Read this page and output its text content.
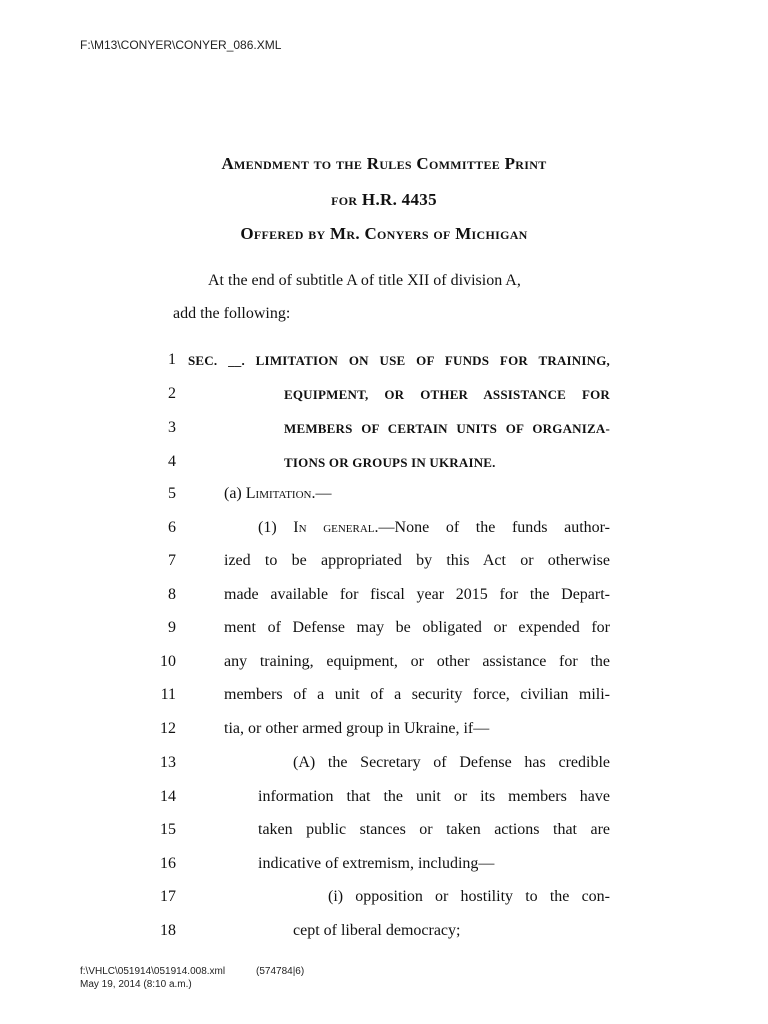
F:\M13\CONYER\CONYER_086.XML
Amendment to the Rules Committee Print
for H.R. 4435
Offered by Mr. Conyers of Michigan
At the end of subtitle A of title XII of division A,
add the following:
1 SEC. __. LIMITATION ON USE OF FUNDS FOR TRAINING,
2	EQUIPMENT, OR OTHER ASSISTANCE FOR
3	MEMBERS OF CERTAIN UNITS OF ORGANIZA-
4	TIONS OR GROUPS IN UKRAINE.
5	(a) Limitation.—
6	(1) In general.—None of the funds author-
7	ized to be appropriated by this Act or otherwise
8	made available for fiscal year 2015 for the Depart-
9	ment of Defense may be obligated or expended for
10	any training, equipment, or other assistance for the
11	members of a unit of a security force, civilian mili-
12	tia, or other armed group in Ukraine, if—
13	(A) the Secretary of Defense has credible
14	information that the unit or its members have
15	taken public stances or taken actions that are
16	indicative of extremism, including—
17	(i) opposition or hostility to the con-
18	cept of liberal democracy;
f:\VHLC\051914\051914.008.xml	(574784|6)
May 19, 2014 (8:10 a.m.)
